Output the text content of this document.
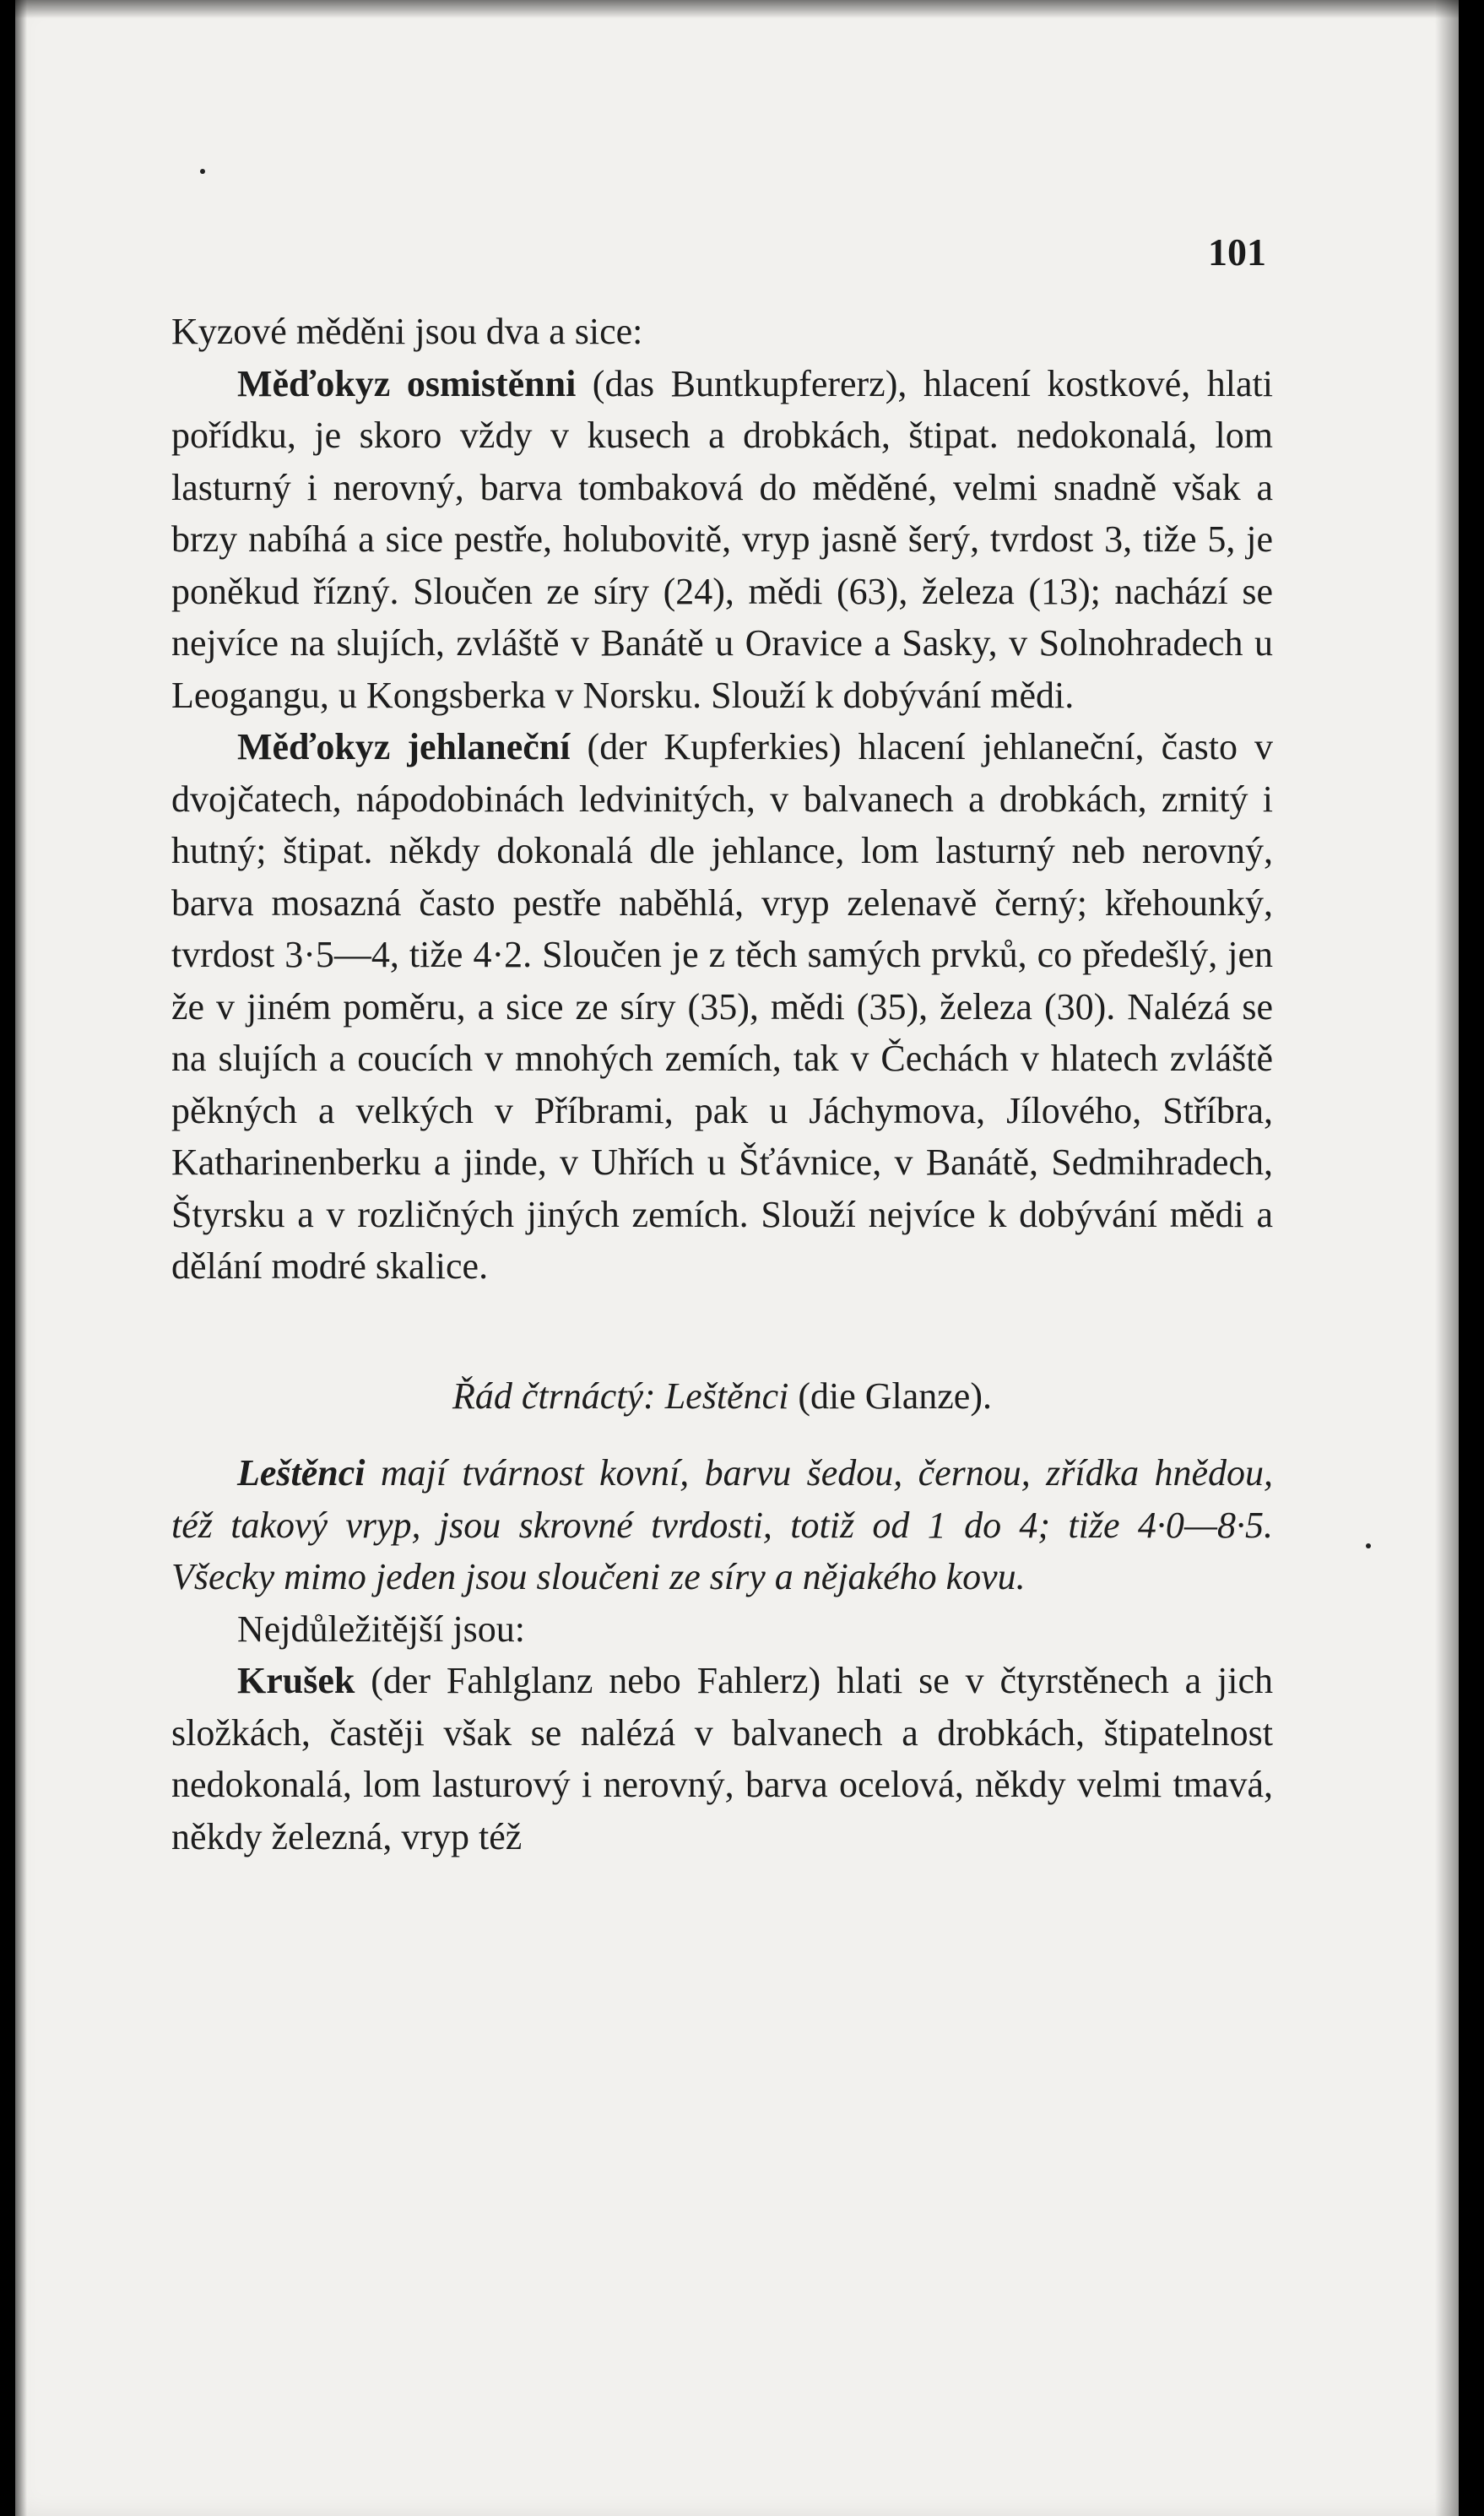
101

Kyzové měděni jsou dva a sice:

Měďokyz osmistěnni (das Buntkupfererz), hlacení kostkové, hlati pořídku, je skoro vždy v kusech a drobkách, štipat. nedokonalá, lom lasturný i nerovný, barva tombaková do měděné, velmi snadně však a brzy nabíhá a sice pestře, holubovitě, vryp jasně šerý, tvrdost 3, tiže 5, je poněkud řízný. Sloučen ze síry (24), mědi (63), železa (13); nachází se nejvíce na slujích, zvláště v Banátě u Oravice a Sasky, v Solnohradech u Leogangu, u Kongsberka v Norsku. Slouží k dobývání mědi.

Měďokyz jehlaneční (der Kupferkies) hlacení jehlaneční, často v dvojčatech, nápodobinách ledvinitých, v balvanech a drobkách, zrnitý i hutný; štipat. někdy dokonalá dle jehlance, lom lasturný neb nerovný, barva mosazná často pestře naběhlá, vryp zelenavě černý; křehounký, tvrdost 3·5—4, tiže 4·2. Sloučen je z těch samých prvků, co předešlý, jen že v jiném poměru, a sice ze síry (35), mědi (35), železa (30). Nalézá se na slujích a coucích v mnohých zemích, tak v Čechách v hlatech zvláště pěkných a velkých v Příbrami, pak u Jáchymova, Jílového, Stříbra, Katharinenberku a jinde, v Uhřích u Šťávnice, v Banátě, Sedmihradech, Štyrsku a v rozličných jiných zemích. Slouží nejvíce k dobývání mědi a dělání modré skalice.

Řád čtrnáctý: Leštěnci (die Glanze).

Leštěnci mají tvárnost kovní, barvu šedou, černou, zřídka hnědou, též takový vryp, jsou skrovné tvrdosti, totiž od 1 do 4; tiže 4·0—8·5. Všecky mimo jeden jsou sloučeni ze síry a nějakého kovu.

Nejdůležitější jsou:

Krušek (der Fahlglanz nebo Fahlerz) hlati se v čtyrstěnech a jich složkách, častěji však se nalézá v balvanech a drobkách, štipatelnost nedokonalá, lom lasturový i nerovný, barva ocelová, někdy velmi tmavá, někdy železná, vryp též
